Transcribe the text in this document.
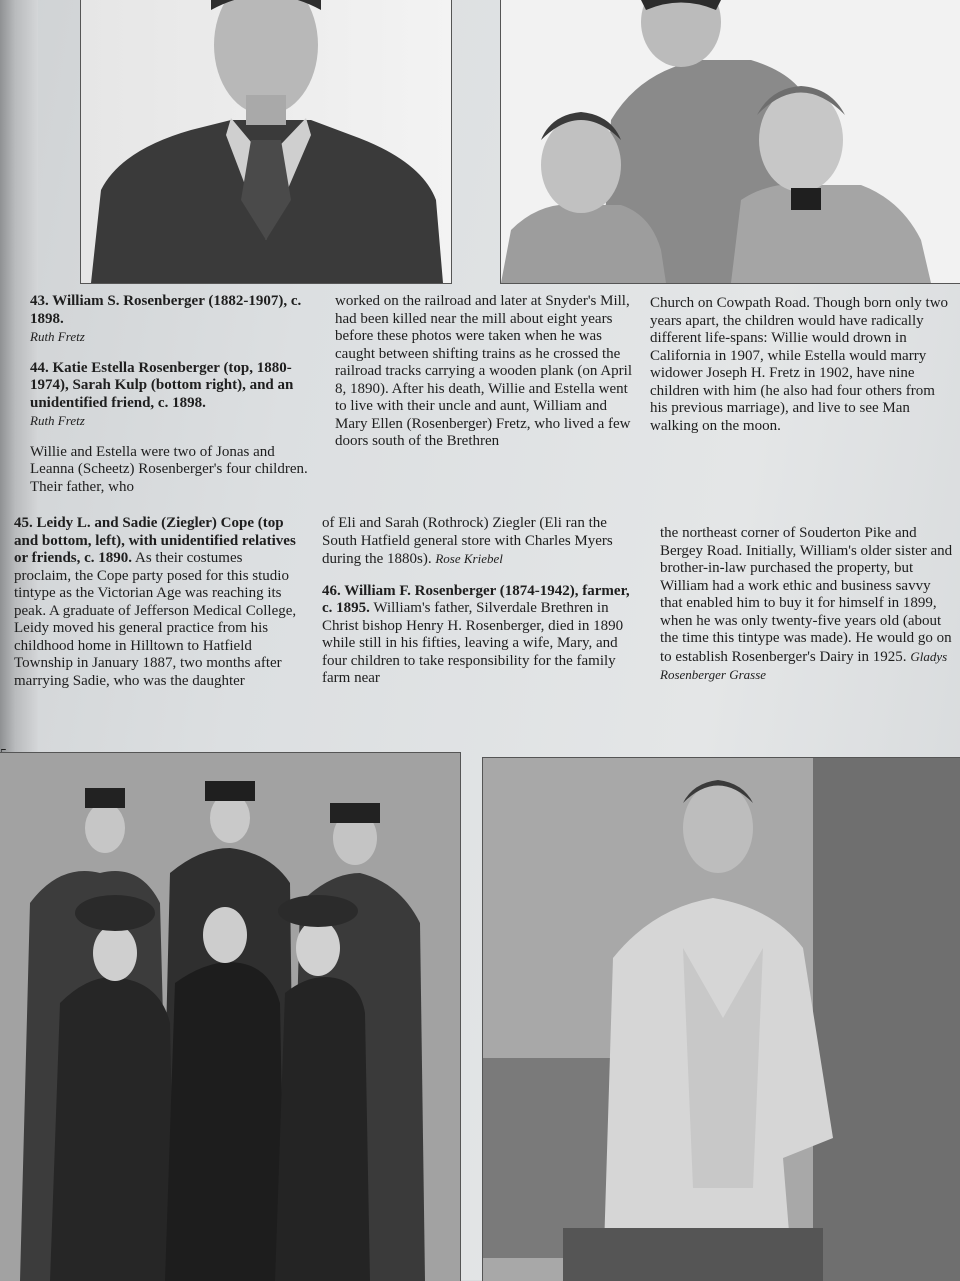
43. William S. Rosenberger (1882-1907), c. 1898.

Ruth Fretz

44. Katie Estella Rosenberger (top, 1880-1974), Sarah Kulp (bottom right), and an unidentified friend, c. 1898.

Ruth Fretz

Willie and Estella were two of Jonas and Leanna (Scheetz) Rosenberger's four children. Their father, who

worked on the railroad and later at Snyder's Mill, had been killed near the mill about eight years before these photos were taken when he was caught between shifting trains as he crossed the railroad tracks carrying a wooden plank (on April 8, 1890). After his death, Willie and Estella went to live with their uncle and aunt, William and Mary Ellen (Rosenberger) Fretz, who lived a few doors south of the Brethren

Church on Cowpath Road. Though born only two years apart, the children would have radically different life-spans: Willie would drown in California in 1907, while Estella would marry widower Joseph H. Fretz in 1902, have nine children with him (he also had four others from his previous marriage), and live to see Man walking on the moon.

45. Leidy L. and Sadie (Ziegler) Cope (top and bottom, left), with unidentified relatives or friends, c. 1890. As their costumes proclaim, the Cope party posed for this studio tintype as the Victorian Age was reaching its peak. A graduate of Jefferson Medical College, Leidy moved his general practice from his childhood home in Hilltown to Hatfield Township in January 1887, two months after marrying Sadie, who was the daughter

of Eli and Sarah (Rothrock) Ziegler (Eli ran the South Hatfield general store with Charles Myers during the 1880s). Rose Kriebel

46. William F. Rosenberger (1874-1942), farmer, c. 1895. William's father, Silverdale Brethren in Christ bishop Henry H. Rosenberger, died in 1890 while still in his fifties, leaving a wife, Mary, and four children to take responsibility for the family farm near

the northeast corner of Souderton Pike and Bergey Road. Initially, William's older sister and brother-in-law purchased the property, but William had a work ethic and business savvy that enabled him to buy it for himself in 1899, when he was only twenty-five years old (about the time this tintype was made). He would go on to establish Rosenberger's Dairy in 1925. Gladys Rosenberger Grasse
